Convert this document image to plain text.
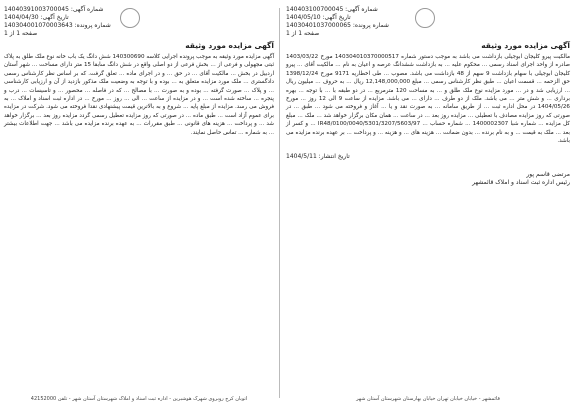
شماره آگهی: 14040391003700045
تاریخ آگهی: 1404/04/30
شماره پرونده: 140304001070003643
صفحه 1 از 1
آگهی مزایده مورد وثیقه
آگهی مزایده مورد وثیقه به موجب پرونده اجرایی کلاسه 140300690 شش دانگ یک باب خانه نوع ملک طلق به پلاک ثبتی مجهولی و فرعی از ... بخش فرعی از دو اصلی واقع در شش دانگ سابقا 15 متر دارای مساحت ... شهر آستان اردبیل در بخش ... مالکیت آقای ... در حق ... و در اجرای ماده ... تعلق گرفت. که بر اساس نظر کارشناس رسمی دادگستری ... ملک مورد مزایده متعلق به ... بوده و با توجه به وضعیت ملک مذکور بازدید از آن و ارزیابی کارشناسی ... و پلاک ... صورت گرفته ... بوده و به صورت ... با مصالح ... که در فاصله ... محصور ... و تاسیسات ... درب و پنجره ... ساخته شده است ... و در مزایده از ساعت ... الی ... روز ... مورخ ... در اداره ثبت اسناد و املاک ... به فروش می رسد. مزایده از مبلغ پایه ... شروع و به بالاترین قیمت پیشنهادی نقدا فروخته می شود. شرکت در مزایده برای عموم آزاد است ... طبق ماده ... در صورتی که روز مزایده تعطیل رسمی گردد مزایده روز بعد ... برگزار خواهد شد ... و پرداخت ... هزینه های قانونی ... طبق مقررات ... به عهده برنده مزایده می باشد ... جهت اطلاعات بیشتر ... به شماره ... تماس حاصل نمایند.
شماره آگهی: 140403100700045
تاریخ آگهی: 1404/05/10
شماره پرونده: 14030401037000065
صفحه 1 از 1
آگهی مزایده مورد وثیقه
مالکیت پیرو کلیجان ابوجیلی بازداشت می باشد به موجب دستور شماره 140304010370000517 مورخ 1403/03/22 صادره از واحد اجرای اسناد رسمی ... محکوم علیه ... به بازداشت ششدانگ عرصه و اعیان به نام ... مالکیت آقای ... پیرو کلیجان ابوجیلی با سهام بازداشت 9 سهم از 48 بازداشت می باشد. مصوب ... طی اخطاریه 9171 مورخ 1398/12/24 حق الزحمه ... قسمت اعیان ... طبق نظر کارشناس رسمی ... مبلغ 12,148,000,000 ریال ... به حروف ... میلیون ریال ... ارزیابی شد و در ... مورد مزایده نوع ملک طلق و ... به مساحت 120 مترمربع ... در دو طبقه با ... با توجه ... بهره برداری ... و شش متر ... می باشد. ملک از دو طرف ... دارای ... می باشد. مزایده از ساعت 9 الی 12 روز ... مورخ 1404/05/26 در محل اداره ثبت ... از طریق سامانه ... به صورت نقد و یا ... آغاز و فروخته می شود ... طبق ... در صورتی که روز مزایده مصادف با تعطیلی ... مزایده روز بعد ... در ساعت ... همان مکان برگزار خواهد شد ... ملک ... مبلغ کل مزایده ... شماره شبا 1400002307 ... شماره حساب ... IR48/0100/0040/5301/3207/5603/97 ... و کسر از بعد ... ملک به قیمت ... و به نام برنده ... بدون ضمانت ... هزینه های ... و هزینه ... و پرداخت ... بر عهده برنده مزایده می باشد.
تاریخ انتشار: 1404/5/11
مرتضی قاسم پور
رئیس اداره ثبت اسناد و املاک قائمشهر
اتوبان کرج روبروی شهرک هوشبرین - اداره ثبت اسناد و املاک شهرستان آستان شهر - تلفن 42152000	قائمشهر - خیابان خیابان تهران خیابان بهارستان شهرستان آستان شهر
